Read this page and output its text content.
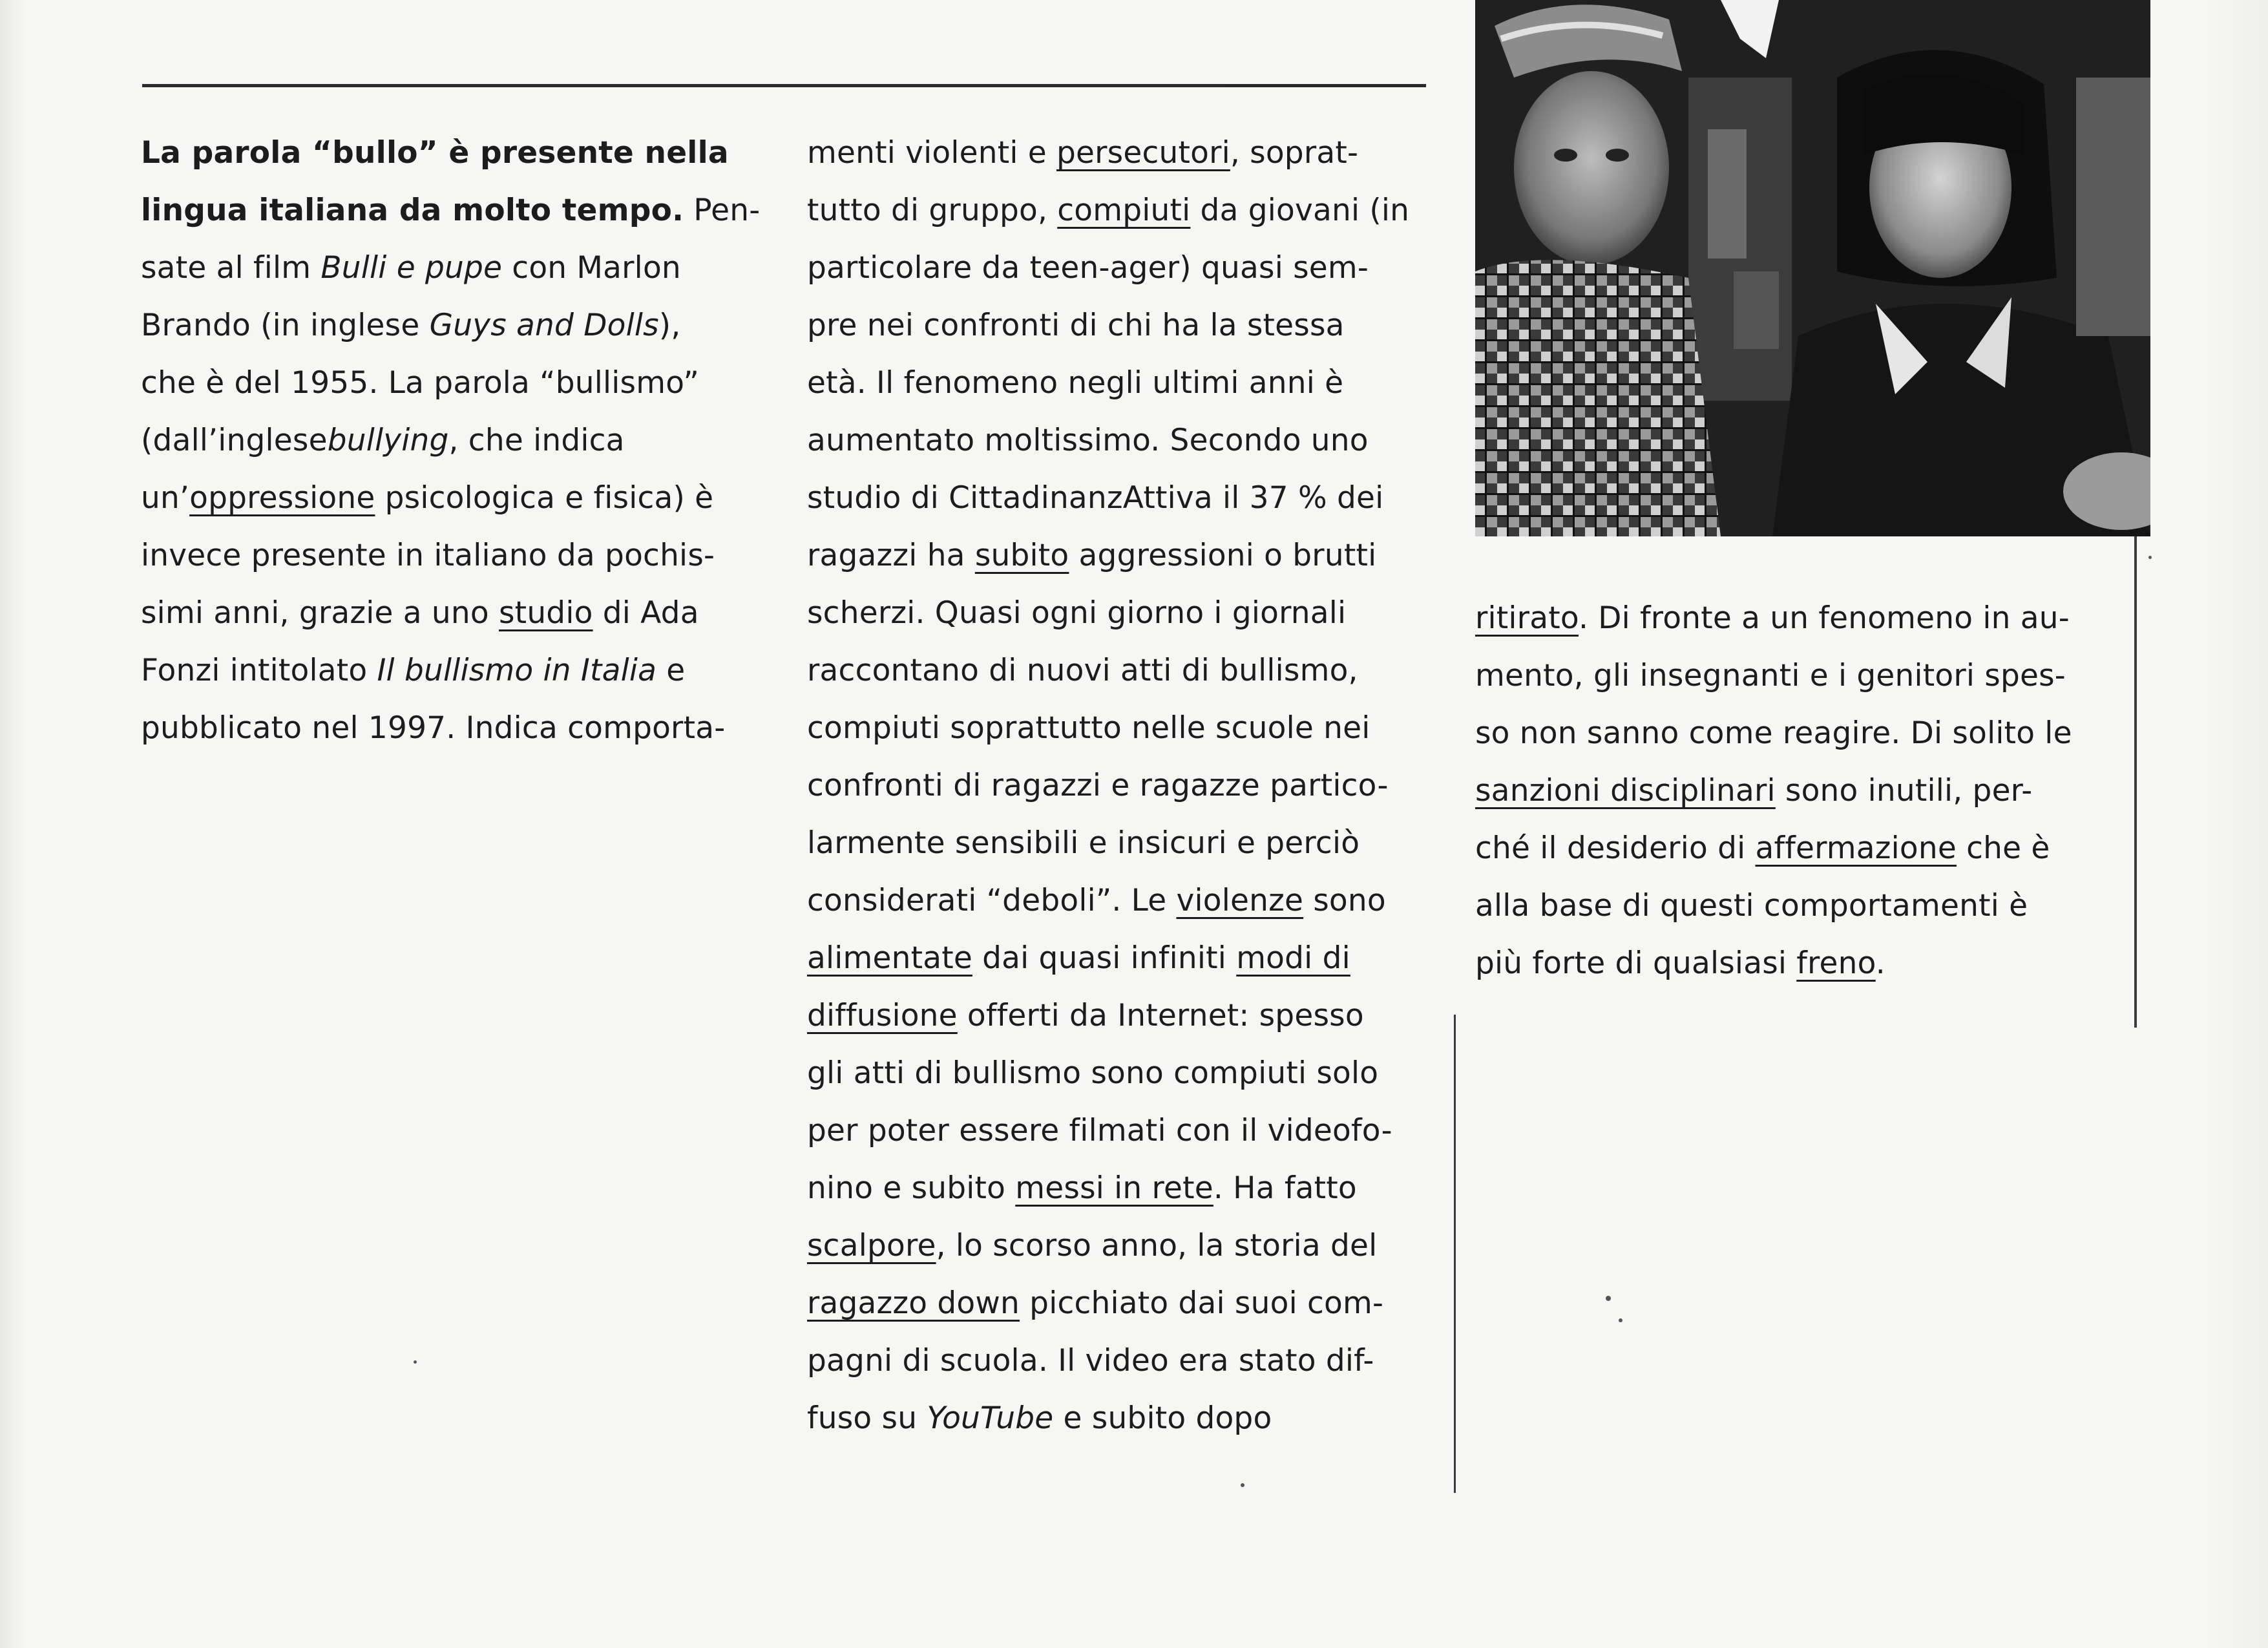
La parola “bullo” è presente nella
lingua italiana da molto tempo. Pen-
sate al film Bulli e pupe con Marlon
Brando (in inglese Guys and Dolls),
che è del 1955. La parola “bullismo”
(dall’inglesebullying, che indica
un’oppressione psicologica e fisica) è
invece presente in italiano da pochis-
simi anni, grazie a uno studio di Ada
Fonzi intitolato Il bullismo in Italia e
pubblicato nel 1997. Indica comporta-
menti violenti e persecutori, soprat-
tutto di gruppo, compiuti da giovani (in
particolare da teen-ager) quasi sem-
pre nei confronti di chi ha la stessa
età. Il fenomeno negli ultimi anni è
aumentato moltissimo. Secondo uno
studio di CittadinanzAttiva il 37 % dei
ragazzi ha subito aggressioni o brutti
scherzi. Quasi ogni giorno i giornali
raccontano di nuovi atti di bullismo,
compiuti soprattutto nelle scuole nei
confronti di ragazzi e ragazze partico-
larmente sensibili e insicuri e perciò
considerati “deboli”. Le violenze sono
alimentate dai quasi infiniti modi di
diffusione offerti da Internet: spesso
gli atti di bullismo sono compiuti solo
per poter essere filmati con il videofo-
nino e subito messi in rete. Ha fatto
scalpore, lo scorso anno, la storia del
ragazzo down picchiato dai suoi com-
pagni di scuola. Il video era stato dif-
fuso su YouTube e subito dopo
ritirato. Di fronte a un fenomeno in au-
mento, gli insegnanti e i genitori spes-
so non sanno come reagire. Di solito le
sanzioni disciplinari sono inutili, per-
ché il desiderio di affermazione che è
alla base di questi comportamenti è
più forte di qualsiasi freno.
